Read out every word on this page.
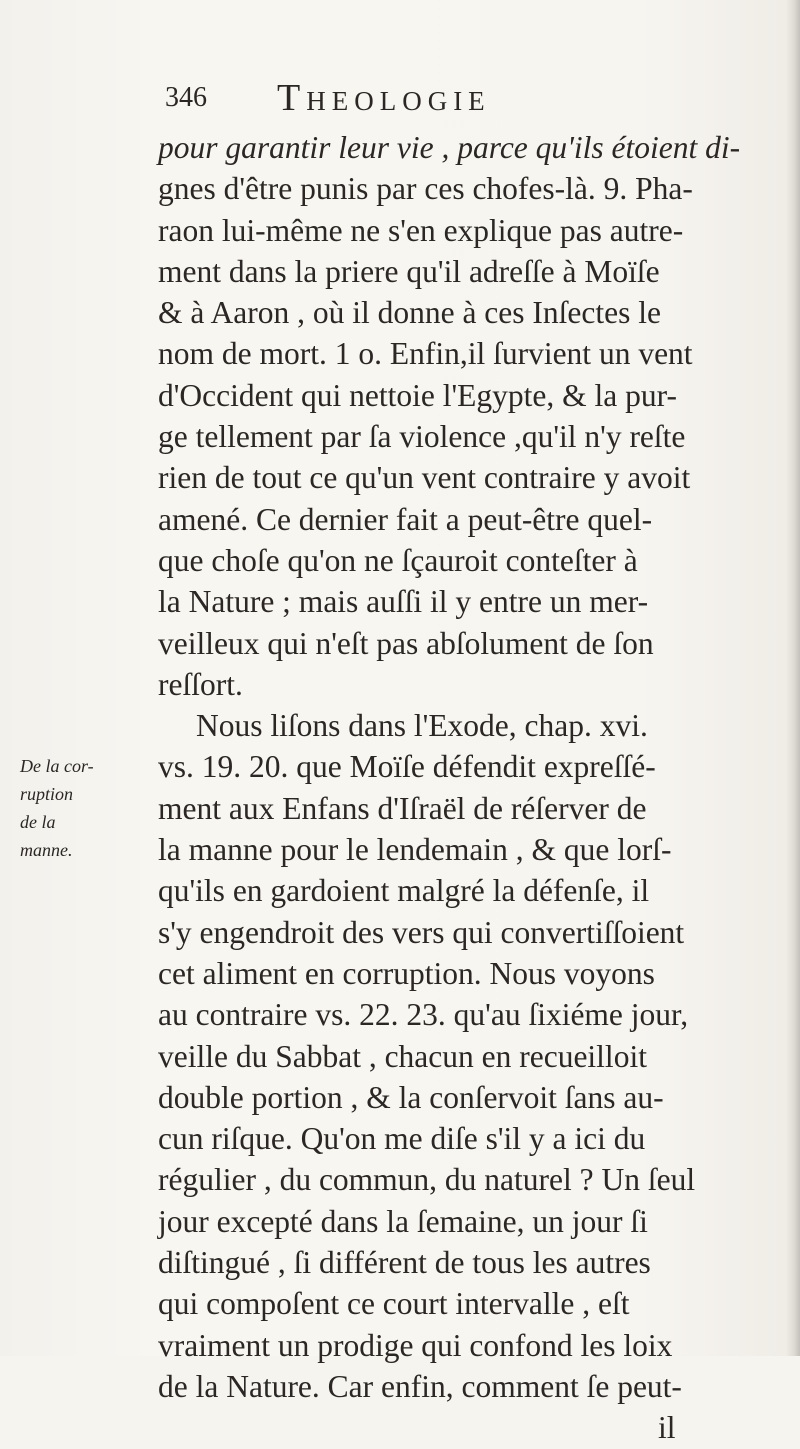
346 Theologie
De la cor-
ruption
de la
manne.
pour garantir leur vie , parce qu'ils étoient di-
gnes d'être punis par ces chofes-là. 9. Pha-
raon lui-même ne s'en explique pas autre-
ment dans la priere qu'il adreſſe à Moïſe
& à Aaron , où il donne à ces Inſectes le
nom de mort. 1 o. Enfin,il ſurvient un vent
d'Occident qui nettoie l'Egypte, & la pur-
ge tellement par ſa violence ,qu'il n'y reſte
rien de tout ce qu'un vent contraire y avoit
amené. Ce dernier fait a peut-être quel-
que choſe qu'on ne ſçauroit conteſter à
la Nature ; mais auſſi il y entre un mer-
veilleux qui n'eſt pas abſolument de ſon
reſſort.
Nous liſons dans l'Exode, chap. xvi.
vs. 19. 20. que Moïſe défendit expreſſé-
ment aux Enfans d'Iſraël de réſerver de
la manne pour le lendemain , & que lorſ-
qu'ils en gardoient malgré la défenſe, il
s'y engendroit des vers qui convertiſſoient
cet aliment en corruption. Nous voyons
au contraire vs. 22. 23. qu'au ſixiéme jour,
veille du Sabbat , chacun en recueilloit
double portion , & la conſervoit ſans au-
cun riſque. Qu'on me diſe s'il y a ici du
régulier , du commun, du naturel ? Un ſeul
jour excepté dans la ſemaine, un jour ſi
diſtingué , ſi différent de tous les autres
qui compoſent ce court intervalle , eſt
vraiment un prodige qui confond les loix
de la Nature. Car enfin, comment ſe peut-
il
